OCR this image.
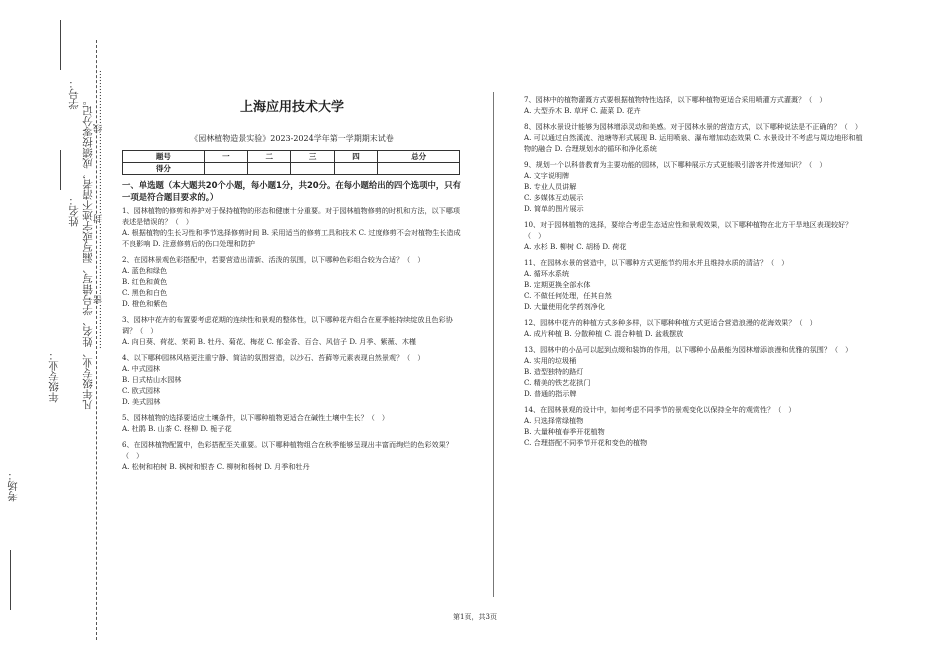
考场：
年级专业：
姓名：
学号：
凡年级专业、姓名、学号错写、漏写或字迹不清者，成绩按零分记。 ……………密……………………封………………………线………………	上海应用技术大学
《园林植物造景实验》2023-2024学年第一学期期末试卷
题号	一	二	三	四	总分
得分					
一、单选题（本大题共20个小题，每小题1分，共20分。在每小题给出的四个选项中，只有一项是符合题目要求的。）
1、园林植物的修剪和养护对于保持植物的形态和健康十分重要。对于园林植物修剪的时机和方法，以下哪项表述是错误的？（　）
A. 根据植物的生长习性和季节选择修剪时间 B. 采用适当的修剪工具和技术 C. 过度修剪不会对植物生长造成不良影响 D. 注意修剪后的伤口处理和防护
2、在园林景观色彩搭配中，若要营造出清新、活泼的氛围，以下哪种色彩组合较为合适？（　）
A. 蓝色和绿色
B. 红色和黄色
C. 黑色和白色
D. 橙色和紫色
3、园林中花卉的布置要考虑花期的连续性和景观的整体性，以下哪种花卉组合在夏季能持续绽放且色彩协调？（　）
A. 向日葵、荷花、茉莉 B. 牡丹、菊花、梅花 C. 郁金香、百合、风信子 D. 月季、紫薇、木槿
4、以下哪种园林风格更注重宁静、简洁的氛围营造，以沙石、苔藓等元素表现自然景观？（　）
A. 中式园林
B. 日式枯山水园林
C. 欧式园林
D. 美式园林
5、园林植物的选择要适应土壤条件，以下哪种植物更适合在碱性土壤中生长？（　）
A. 杜鹃 B. 山茶 C. 柽柳 D. 栀子花
6、在园林植物配置中，色彩搭配至关重要。以下哪种植物组合在秋季能够呈现出丰富而绚烂的色彩效果？（　）
A. 松树和柏树 B. 枫树和银杏 C. 柳树和杨树 D. 月季和牡丹
7、园林中的植物灌溉方式要根据植物特性选择，以下哪种植物更适合采用喷灌方式灌溉？（　）
A. 大型乔木 B. 草坪 C. 蔬菜 D. 花卉
8、园林水景设计能够为园林增添灵动和美感。对于园林水景的营造方式，以下哪种说法是不正确的？（　）
A. 可以通过自然溪流、池塘等形式展现 B. 运用喷泉、瀑布增加动态效果 C. 水景设计不考虑与周边地形和植物的融合 D. 合理规划水的循环和净化系统
9、规划一个以科普教育为主要功能的园林，以下哪种展示方式更能吸引游客并传递知识？（　）
A. 文字说明牌
B. 专业人员讲解
C. 多媒体互动展示
D. 简单的图片展示
10、对于园林植物的选择，要综合考虑生态适应性和景观效果，以下哪种植物在北方干旱地区表现较好？（　）
A. 水杉 B. 柳树 C. 胡杨 D. 荷花
11、在园林水景的营造中，以下哪种方式更能节约用水并且维持水质的清洁？（　）
A. 循环水系统
B. 定期更换全部水体
C. 不做任何处理，任其自然
D. 大量使用化学药剂净化
12、园林中花卉的种植方式多种多样，以下哪种种植方式更适合营造浪漫的花海效果？（　）
A. 成片种植 B. 分散种植 C. 混合种植 D. 盆栽摆放
13、园林中的小品可以起到点缀和装饰的作用，以下哪种小品最能为园林增添浪漫和优雅的氛围？（　）
A. 实用的垃圾桶
B. 造型独特的路灯
C. 精美的铁艺花拱门
D. 普通的指示牌
14、在园林景观的设计中，如何考虑不同季节的景观变化以保持全年的观赏性？（　）
A. 只选择常绿植物
B. 大量种植春季开花植物
C. 合理搭配不同季节开花和变色的植物
第1页，共3页
